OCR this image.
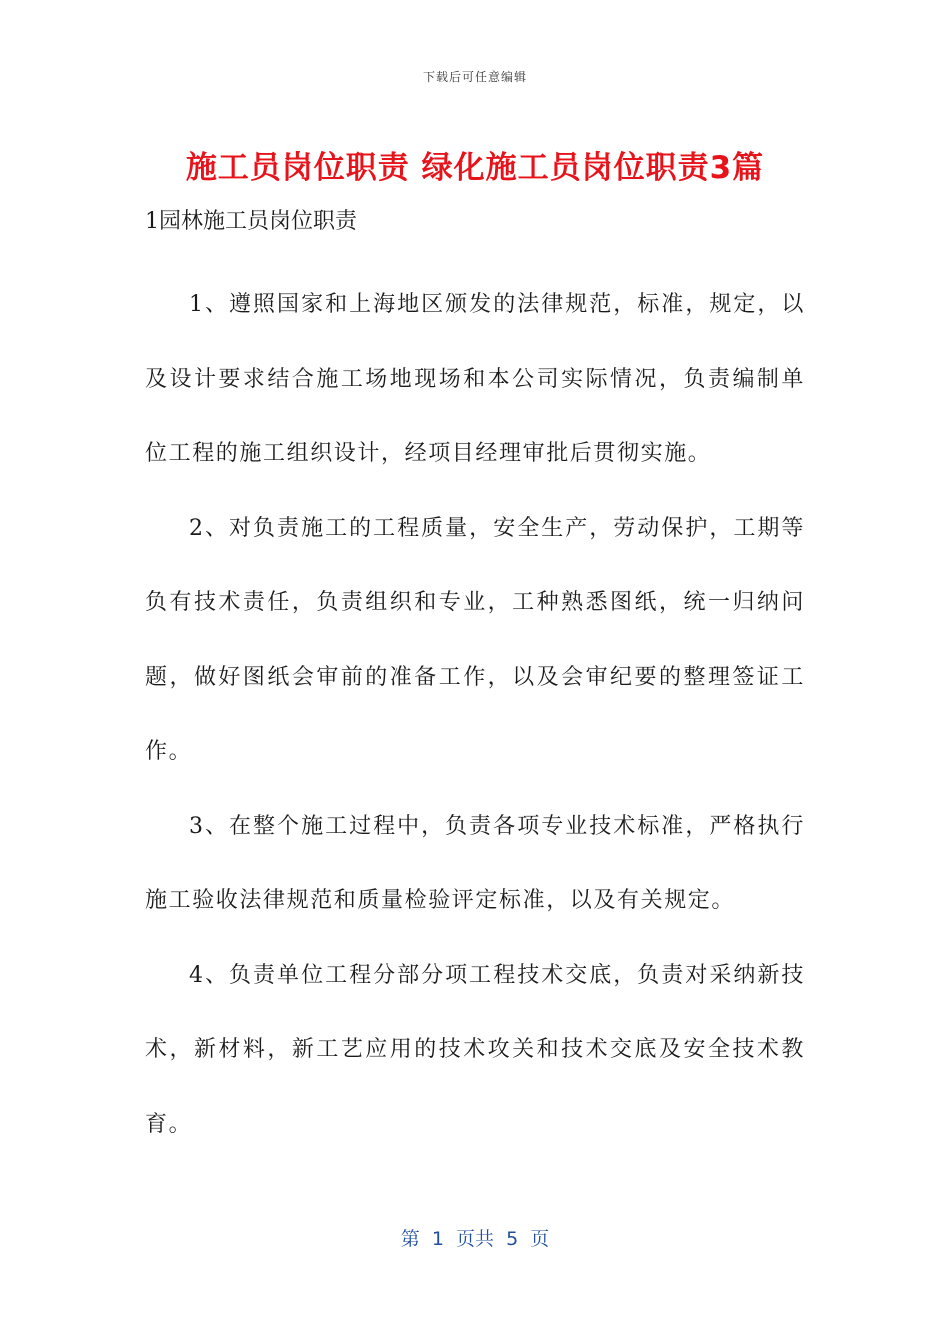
下载后可任意编辑
施工员岗位职责 绿化施工员岗位职责3篇
1园林施工员岗位职责

1、遵照国家和上海地区颁发的法律规范，标准，规定，以及设计要求结合施工场地现场和本公司实际情况，负责编制单位工程的施工组织设计，经项目经理审批后贯彻实施。

2、对负责施工的工程质量，安全生产，劳动保护，工期等负有技术责任，负责组织和专业，工种熟悉图纸，统一归纳问题，做好图纸会审前的准备工作，以及会审纪要的整理签证工作。

3、在整个施工过程中，负责各项专业技术标准，严格执行施工验收法律规范和质量检验评定标准，以及有关规定。

4、负责单位工程分部分项工程技术交底，负责对采纳新技术，新材料，新工艺应用的技术攻关和技术交底及安全技术教育。

第  1  页共  5  页
